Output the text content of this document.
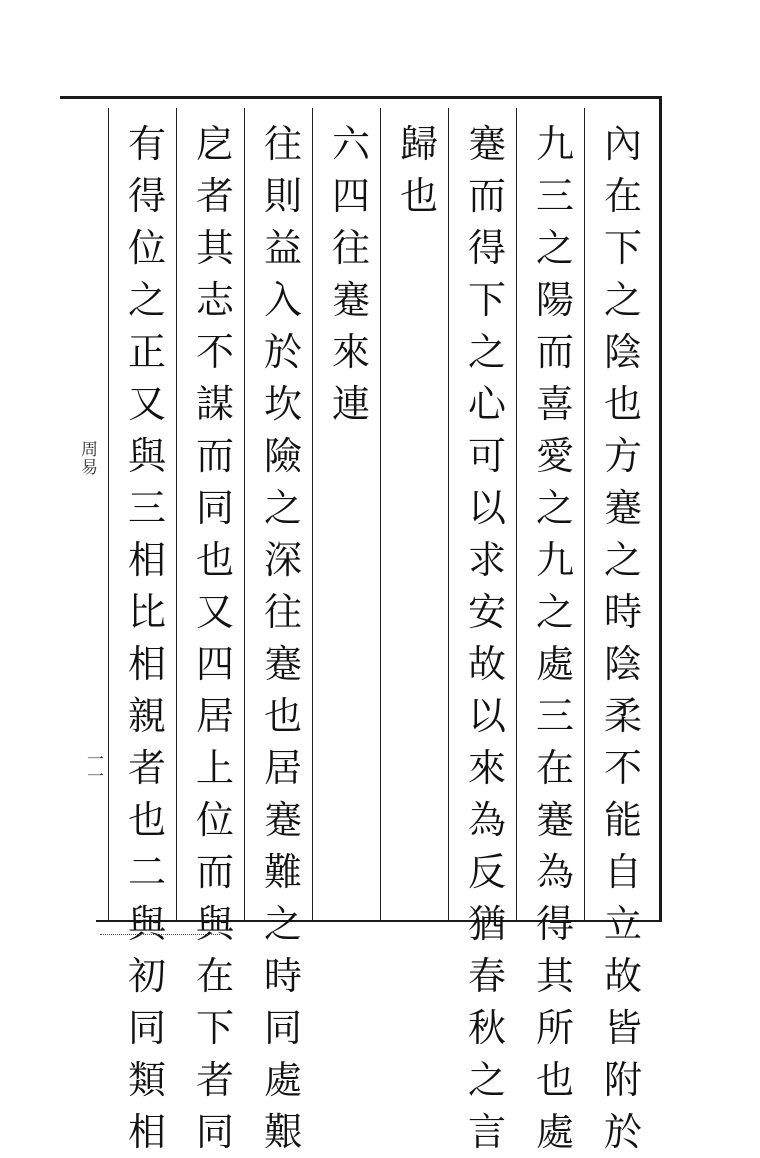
內
在
下
之
陰
也
方
蹇
之
時
陰
柔
不
能
自
立
故
皆
附
於
九
三
之
陽
而
喜
愛
之
九
之
處
三
在
蹇
為
得
其
所
也
處
蹇
而
得
下
之
心
可
以
求
安
故
以
來
為
反
猶
春
秋
之
言
歸
也
六
四
往
蹇
來
連
往
則
益
入
於
坎
險
之
深
往
蹇
也
居
蹇
難
之
時
同
處
艱
戹
者
其
志
不
謀
而
同
也
又
四
居
上
位
而
與
在
下
者
同
有
得
位
之
正
又
與
三
相
比
相
親
者
也
二
與
初
同
類
相
周易
一一
